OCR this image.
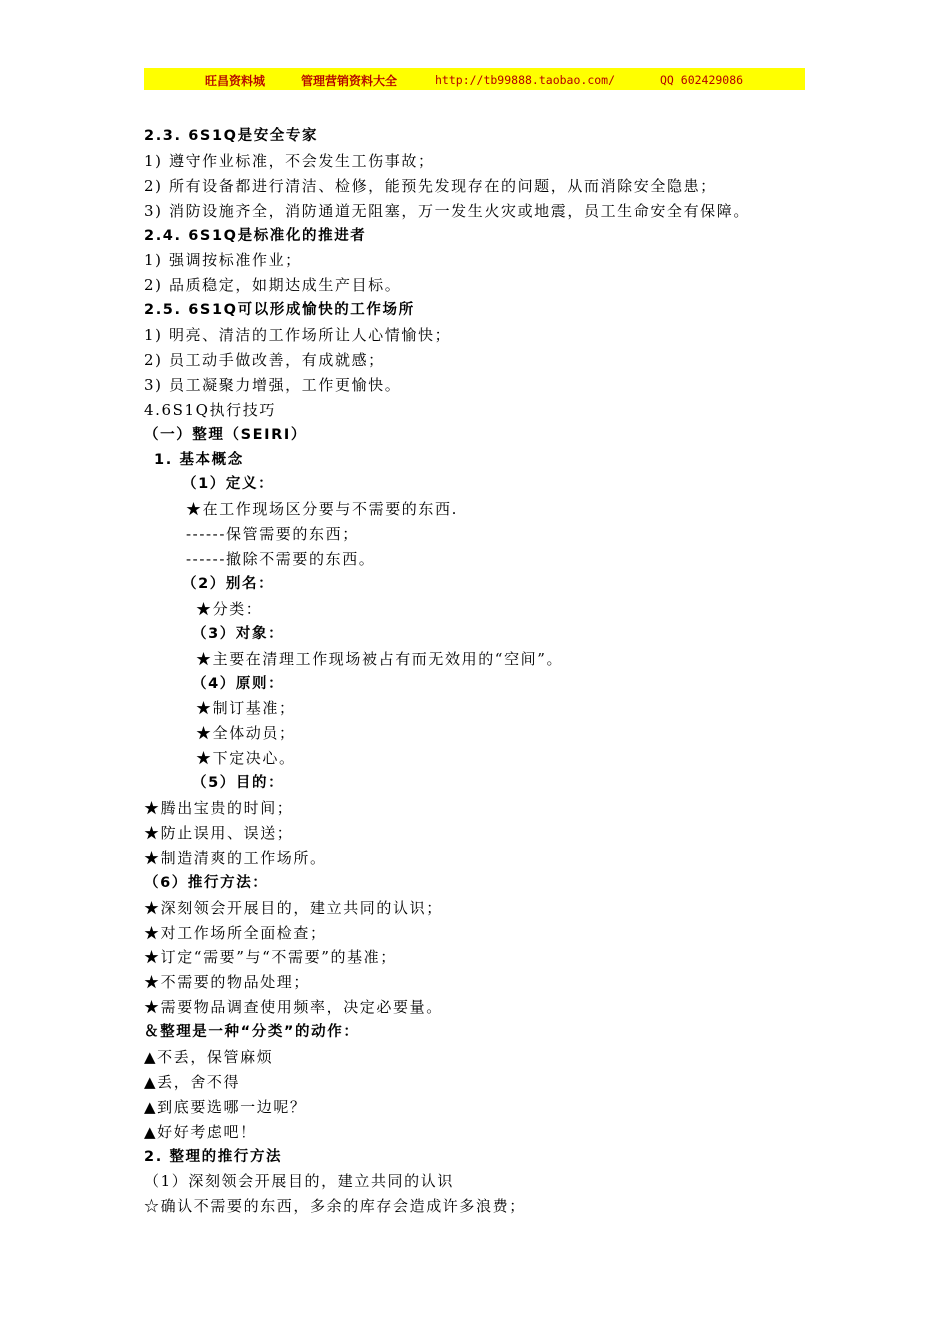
旺昌资料城	管理营销资料大全	http://tb99888.taobao.com/	QQ 602429086
2.3. 6S1Q是安全专家
1) 遵守作业标准，不会发生工伤事故；
2) 所有设备都进行清洁、检修，能预先发现存在的问题，从而消除安全隐患；
3) 消防设施齐全，消防通道无阻塞，万一发生火灾或地震，员工生命安全有保障。
2.4. 6S1Q是标准化的推进者
1) 强调按标准作业；
2) 品质稳定，如期达成生产目标。
2.5. 6S1Q可以形成愉快的工作场所
1) 明亮、清洁的工作场所让人心情愉快；
2) 员工动手做改善，有成就感；
3) 员工凝聚力增强，工作更愉快。
4.6S1Q执行技巧
（一）整理（SEIRI）
1. 基本概念
（1）定义：
★在工作现场区分要与不需要的东西.
------保管需要的东西；
------撤除不需要的东西。
（2）别名：
★分类：
（3）对象：
★主要在清理工作现场被占有而无效用的“空间”。
（4）原则：
★制订基准；
★全体动员；
★下定决心。
（5）目的：
★腾出宝贵的时间；
★防止误用、误送；
★制造清爽的工作场所。
（6）推行方法：
★深刻领会开展目的，建立共同的认识；
★对工作场所全面检查；
★订定“需要”与“不需要”的基准；
★不需要的物品处理；
★需要物品调查使用频率，决定必要量。
＆整理是一种“分类”的动作：
▲不丢，保管麻烦
▲丢，舍不得
▲到底要选哪一边呢？
▲好好考虑吧！
2. 整理的推行方法
（1）深刻领会开展目的，建立共同的认识
☆确认不需要的东西，多余的库存会造成许多浪费；
